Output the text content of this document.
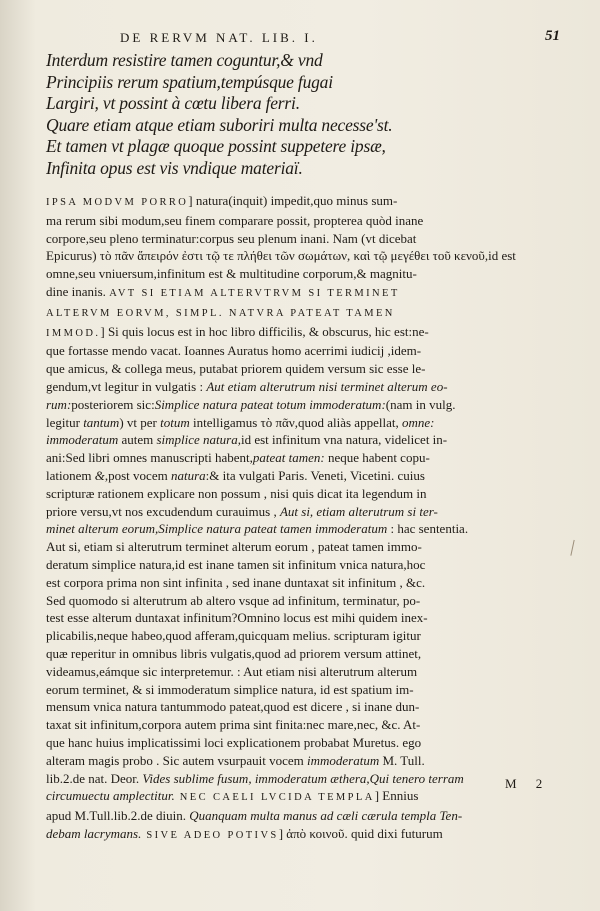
DE RERVM NAT. LIB. I.	51
Interdum resistire tamen coguntur,& vnd
Principiis rerum spatium,tempúsque fugai
Largiri, vt possint à cœtu libera ferri.
Quare etiam atque etiam suboriri multa necesse'st.
Et tamen vt plagæ quoque possint suppetere ipsæ,
Infinita opus est vis vndique materiaï.
IPSA MODVM PORRO] natura(inquit) impedit,quo minus sum-
ma rerum sibi modum,seu finem comparare possit, propterea quòd inane
corpore,seu pleno terminatur:corpus seu plenum inani. Nam (vt dicebat
Epicurus) τὸ πᾶν ἄπειρόν ἐστι τῷ τε πλήθει τῶν σωμάτων, καὶ τῷ μεγέθει τοῦ κενοῦ,id est
omne,seu vniuersum,infinitum est & multitudine corporum,& magnitu-
dine inanis. AVT SI ETIAM ALTERVTRVM SI TERMINET
ALTERVM EORVM, SIMPL. NATVRA PATEAT TAMEN
IMMOD.] Si quis locus est in hoc libro difficilis, & obscurus, hic est:ne-
que fortasse mendo vacat. Ioannes Auratus homo acerrimi iudicij ,idem-
que amicus, & collega meus, putabat priorem quidem versum sic esse le-
gendum,vt legitur in vulgatis : Aut etiam alterutrum nisi terminet alterum eo-
rum:posteriorem sic:Simplice natura pateat totum immoderatum:(nam in vulg.
legitur tantum) vt per totum intelligamus τὸ πᾶν,quod aliàs appellat, omne:
immoderatum autem simplice natura,id est infinitum vna natura, videlicet in-
ani:Sed libri omnes manuscripti habent,pateat tamen: neque habent copu-
lationem &,post vocem natura:& ita vulgati Paris. Veneti, Vicetini. cuius
scripturæ rationem explicare non possum , nisi quis dicat ita legendum in
priore versu,vt nos excudendum curauimus , Aut si, etiam alterutrum si ter-
minet alterum eorum,Simplice natura pateat tamen immoderatum : hac sententia.
Aut si, etiam si alterutrum terminet alterum eorum , pateat tamen immo-
deratum simplice natura,id est inane tamen sit infinitum vnica natura,hoc
est corpora prima non sint infinita , sed inane duntaxat sit infinitum , &c.
Sed quomodo si alterutrum ab altero vsque ad infinitum, terminatur, po-
test esse alterum duntaxat infinitum?Omnino locus est mihi quidem inex-
plicabilis,neque habeo,quod afferam,quicquam melius. scripturam igitur
quæ reperitur in omnibus libris vulgatis,quod ad priorem versum attinet,
videamus,eámque sic interpretemur. : Aut etiam nisi alterutrum alterum
eorum terminet, & si immoderatum simplice natura, id est spatium im-
mensum vnica natura tantummodo pateat,quod est dicere , si inane dun-
taxat sit infinitum,corpora autem prima sint finita:nec mare,nec, &c. At-
que hanc huius implicatissimi loci explicationem probabat Muretus. ego
alteram magis probo . Sic autem vsurpauit vocem immoderatum M. Tull.
lib.2.de nat. Deor. Vides sublime fusum, immoderatum æthera,Qui tenero terram
circumuectu amplectitur. NEC CAELI LVCIDA TEMPLA] Ennius
apud M.Tull.lib.2.de diuin. Quanquam multa manus ad cæli cærula templa Ten-
debam lacrymans. SIVE ADEO POTIVS] ἀπὸ κοινοῦ. quid dixi futurum
M 2
